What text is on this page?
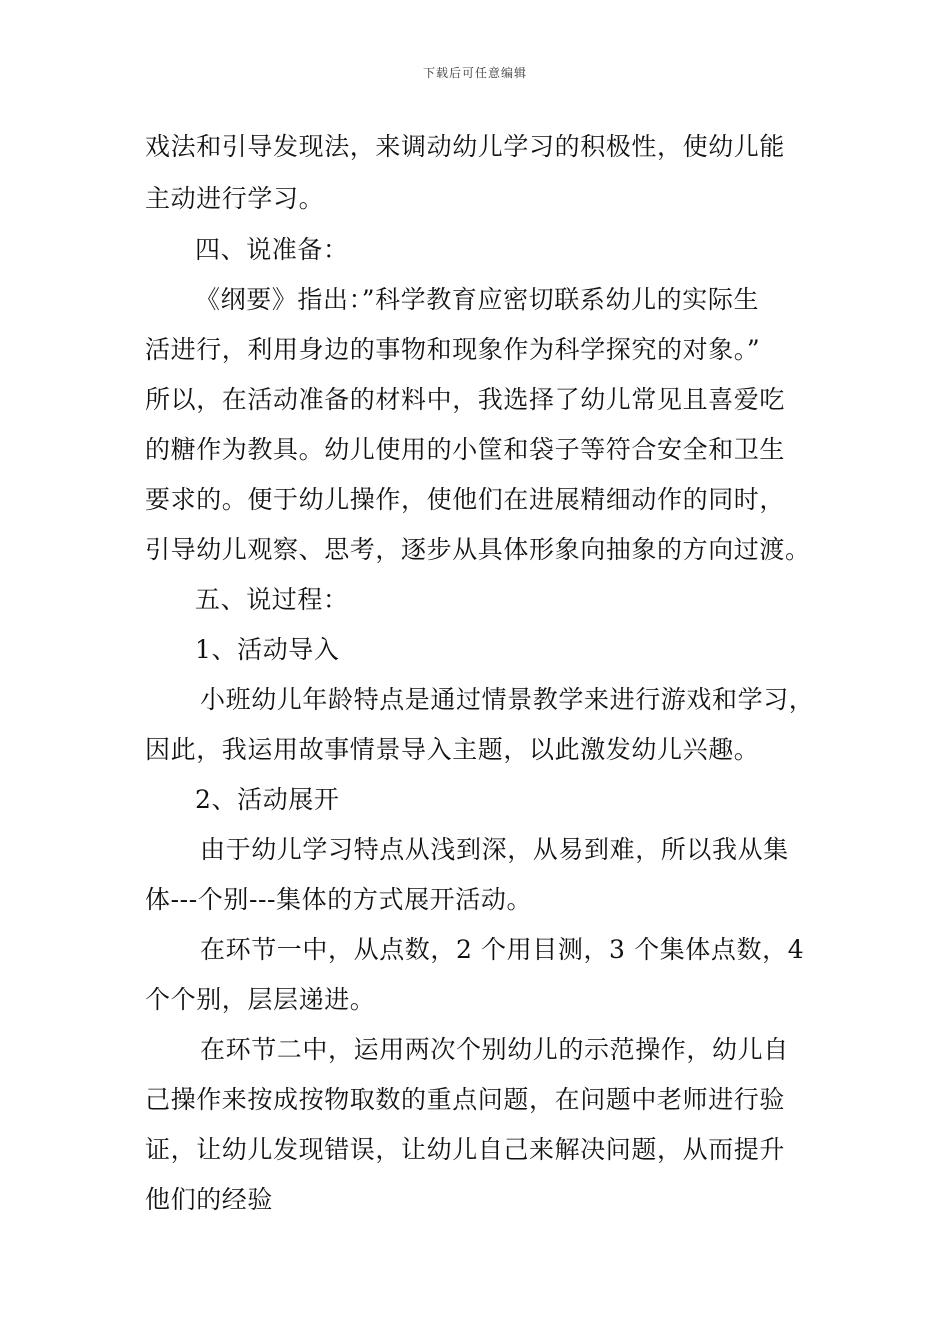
下载后可任意编辑
戏法和引导发现法，来调动幼儿学习的积极性，使幼儿能
主动进行学习。
四、说准备：
《纲要》指出：”科学教育应密切联系幼儿的实际生
活进行，利用身边的事物和现象作为科学探究的对象。”
所以，在活动准备的材料中，我选择了幼儿常见且喜爱吃
的糖作为教具。幼儿使用的小筐和袋子等符合安全和卫生
要求的。便于幼儿操作，使他们在进展精细动作的同时，
引导幼儿观察、思考，逐步从具体形象向抽象的方向过渡。
五、说过程：
1、活动导入
小班幼儿年龄特点是通过情景教学来进行游戏和学习，
因此，我运用故事情景导入主题，以此激发幼儿兴趣。
2、活动展开
由于幼儿学习特点从浅到深，从易到难，所以我从集
体---个别---集体的方式展开活动。
在环节一中，从点数，2 个用目测，3 个集体点数，4
个个别，层层递进。
在环节二中，运用两次个别幼儿的示范操作，幼儿自
己操作来按成按物取数的重点问题，在问题中老师进行验
证，让幼儿发现错误，让幼儿自己来解决问题，从而提升
他们的经验
